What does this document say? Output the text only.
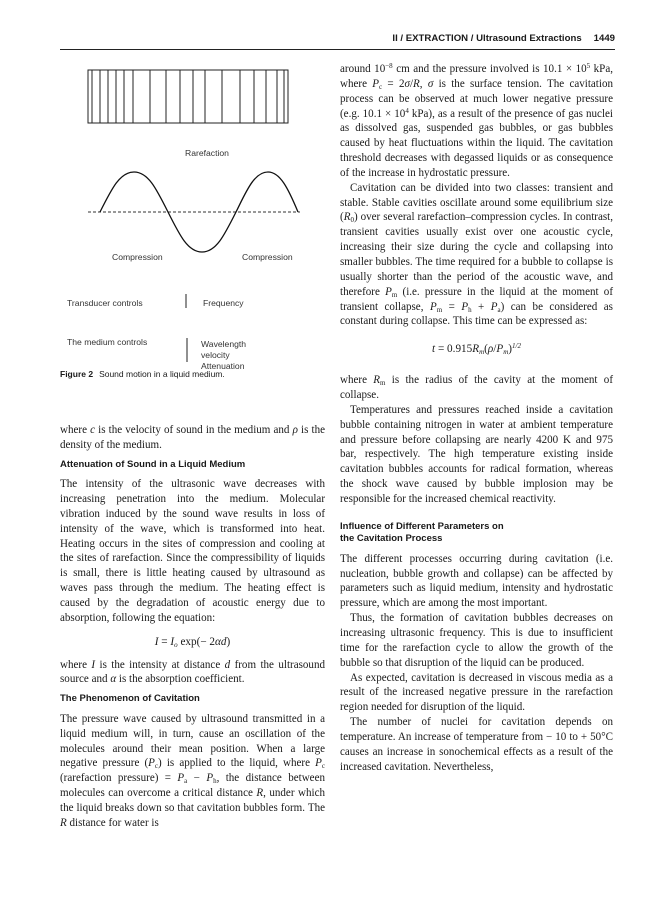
II / EXTRACTION / Ultrasound Extractions 1449
Rarefaction
Compression	Compression
Transducer controls	Frequency
The medium controls	Wavelength
velocity
Attenuation
Figure 2 Sound motion in a liquid medium.

where c is the velocity of sound in the medium and ρ is the density of the medium.

Attenuation of Sound in a Liquid Medium

The intensity of the ultrasonic wave decreases with increasing penetration into the medium. Molecular vibration induced by the sound wave results in loss of intensity of the wave, which is transformed into heat. Heating occurs in the sites of compression and cooling at the sites of rarefaction. Since the compressibility of liquids is small, there is little heating caused by ultrasound as waves pass through the medium. The heating effect is caused by the degradation of acoustic energy due to absorption, following the equation:

$I = I_o$ exp(− 2αd)

where I is the intensity at distance d from the ultrasound source and α is the absorption coefficient.

The Phenomenon of Cavitation

The pressure wave caused by ultrasound transmitted in a liquid medium will, in turn, cause an oscillation of the molecules around their mean position. When a large negative pressure $(P_c)$ is applied to the liquid, where $P_c$ (rarefaction pressure) = $P_a - P_h$, the distance between molecules can overcome a critical distance R, under which the liquid breaks down so that cavitation bubbles form. The R distance for water is

around $10^{-8}$ cm and the pressure involved is $10.1 \times 10^5$ kPa, where $P_c = 2\sigma/R$, σ is the surface tension. The cavitation process can be observed at much lower negative pressure (e.g. $10.1 \times 10^4$ kPa), as a result of the presence of gas nuclei as dissolved gas, suspended gas bubbles, or gas bubbles caused by heat fluctuations within the liquid. The cavitation threshold decreases with degassed liquids or as consequence of the increase in hydrostatic pressure.

Cavitation can be divided into two classes: transient and stable. Stable cavities oscillate around some equilibrium size $(R_0)$ over several rarefaction–compression cycles. In contrast, transient cavities usually exist over one acoustic cycle, increasing their size during the cycle and collapsing into smaller bubbles. The time required for a bubble to collapse is usually shorter than the period of the acoustic wave, and therefore $P_m$ (i.e. pressure in the liquid at the moment of transient collapse, $P_m = P_h + P_a$) can be considered as constant during collapse. This time can be expressed as:

$t = 0.915R_m(\rho/P_m)^{1/2}$

where $R_m$ is the radius of the cavity at the moment of collapse.

Temperatures and pressures reached inside a cavitation bubble containing nitrogen in water at ambient temperature and pressure before collapsing are nearly 4200 K and 975 bar, respectively. The high temperature existing inside cavitation bubbles accounts for radical formation, whereas the shock wave caused by bubble implosion may be responsible for the increased chemical reactivity.

Influence of Different Parameters on
the Cavitation Process

The different processes occurring during cavitation (i.e. nucleation, bubble growth and collapse) can be affected by parameters such as liquid medium, intensity and hydrostatic pressure, which are among the most important.

Thus, the formation of cavitation bubbles decreases on increasing ultrasonic frequency. This is due to insufficient time for the rarefaction cycle to allow the growth of the bubble so that disruption of the liquid can be produced.

As expected, cavitation is decreased in viscous media as a result of the increased negative pressure in the rarefaction region needed for disruption of the liquid.

The number of nuclei for cavitation depends on temperature. An increase of temperature from − 10 to + 50°C causes an increase in sonochemical effects as a result of the increased cavitation. Nevertheless,
